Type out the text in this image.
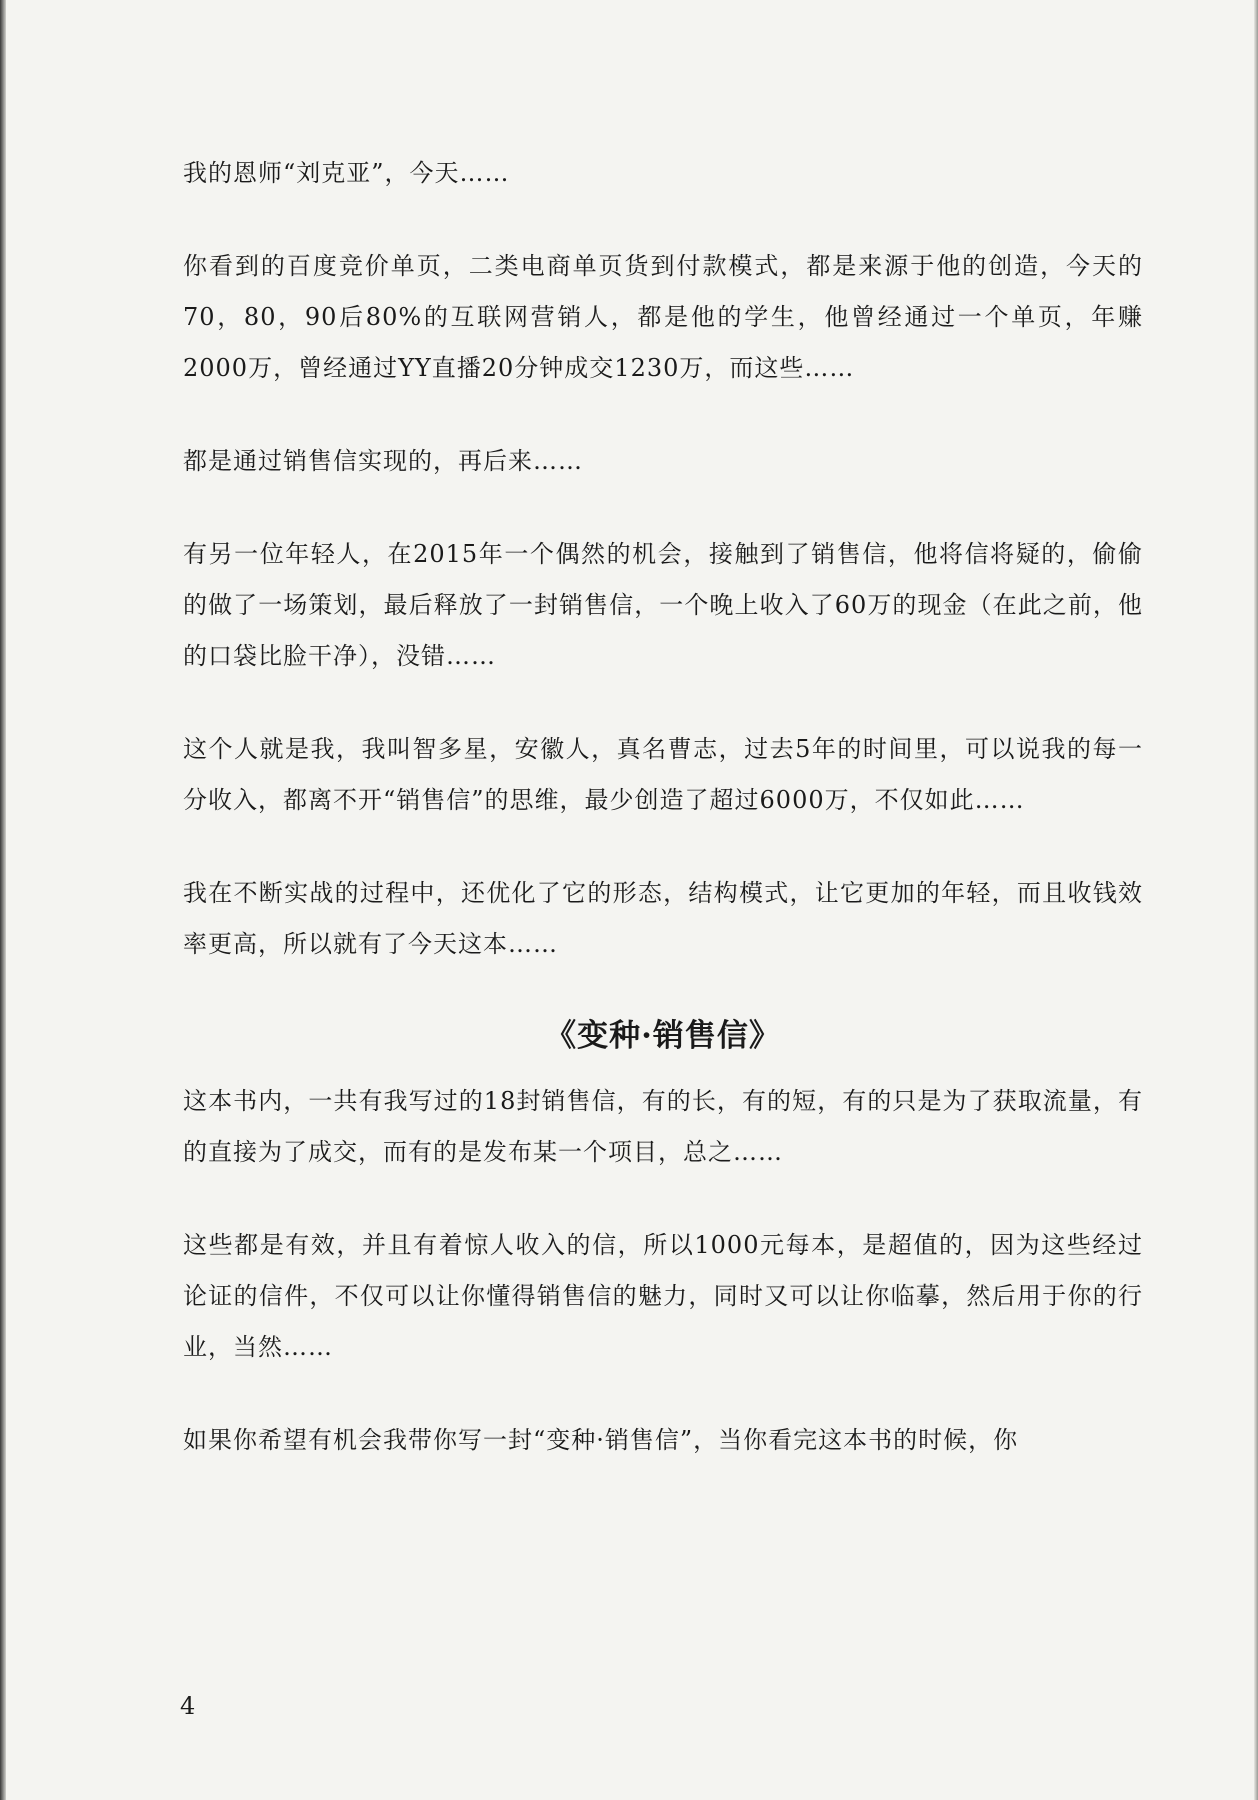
我的恩师“刘克亚”，今天……

你看到的百度竞价单页，二类电商单页货到付款模式，都是来源于他的创造，今天的70，80，90后80%的互联网营销人，都是他的学生，他曾经通过一个单页，年赚2000万，曾经通过YY直播20分钟成交1230万，而这些……

都是通过销售信实现的，再后来……

有另一位年轻人，在2015年一个偶然的机会，接触到了销售信，他将信将疑的，偷偷的做了一场策划，最后释放了一封销售信，一个晚上收入了60万的现金（在此之前，他的口袋比脸干净），没错……

这个人就是我，我叫智多星，安徽人，真名曹志，过去5年的时间里，可以说我的每一分收入，都离不开“销售信”的思维，最少创造了超过6000万，不仅如此……

我在不断实战的过程中，还优化了它的形态，结构模式，让它更加的年轻，而且收钱效率更高，所以就有了今天这本……

《变种·销售信》

这本书内，一共有我写过的18封销售信，有的长，有的短，有的只是为了获取流量，有的直接为了成交，而有的是发布某一个项目，总之……

这些都是有效，并且有着惊人收入的信，所以1000元每本，是超值的，因为这些经过论证的信件，不仅可以让你懂得销售信的魅力，同时又可以让你临摹，然后用于你的行业，当然……

如果你希望有机会我带你写一封“变种·销售信”，当你看完这本书的时候，你

4
